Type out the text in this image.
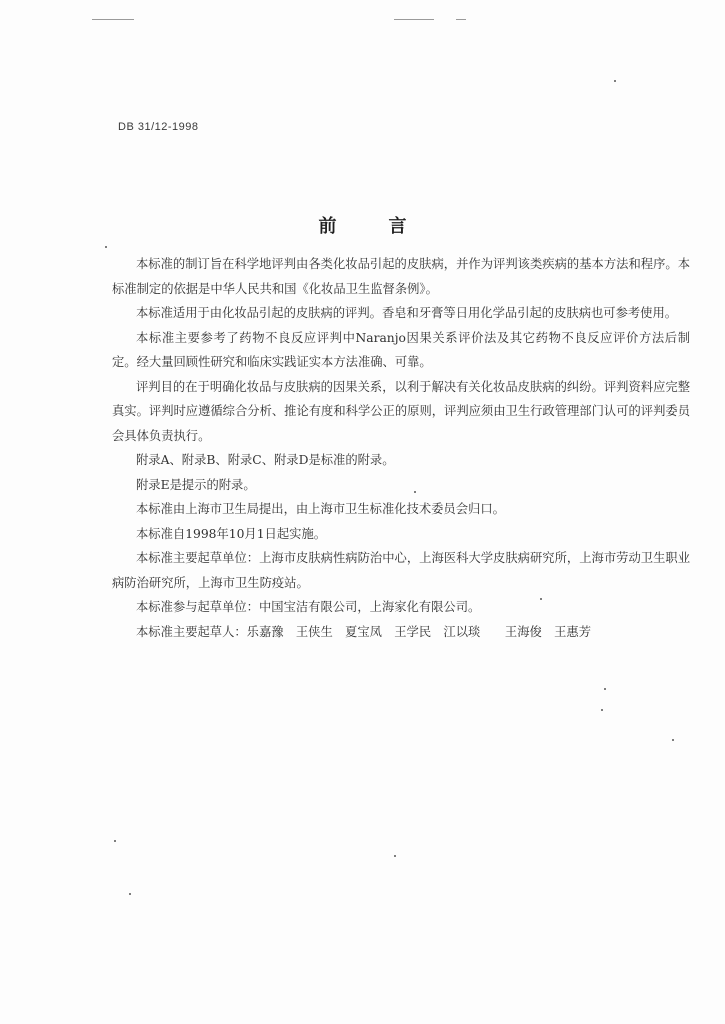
DB 31/12-1998
前言

本标准的制订旨在科学地评判由各类化妆品引起的皮肤病，并作为评判该类疾病的基本方法和程序。本标准制定的依据是中华人民共和国《化妆品卫生监督条例》。

本标准适用于由化妆品引起的皮肤病的评判。香皂和牙膏等日用化学品引起的皮肤病也可参考使用。

本标准主要参考了药物不良反应评判中Naranjo因果关系评价法及其它药物不良反应评价方法后制定。经大量回顾性研究和临床实践证实本方法准确、可靠。

评判目的在于明确化妆品与皮肤病的因果关系，以利于解决有关化妆品皮肤病的纠纷。评判资料应完整真实。评判时应遵循综合分析、推论有度和科学公正的原则，评判应须由卫生行政管理部门认可的评判委员会具体负责执行。

附录A、附录B、附录C、附录D是标准的附录。

附录E是提示的附录。

本标准由上海市卫生局提出，由上海市卫生标准化技术委员会归口。

本标准自1998年10月1日起实施。

本标准主要起草单位：上海市皮肤病性病防治中心，上海医科大学皮肤病研究所，上海市劳动卫生职业病防治研究所，上海市卫生防疫站。

本标准参与起草单位：中国宝洁有限公司，上海家化有限公司。

本标准主要起草人：乐嘉豫　王侠生　夏宝凤　王学民　江以琰　　王海俊　王惠芳
